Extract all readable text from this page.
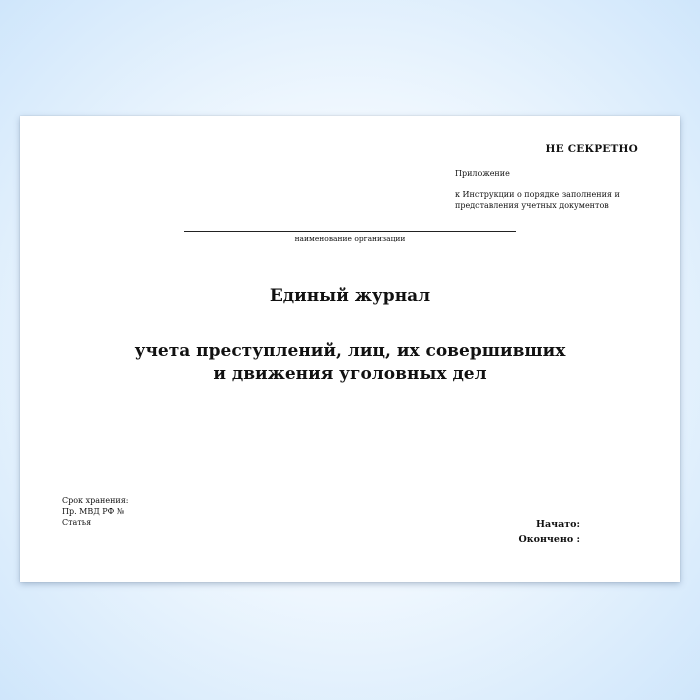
НЕ СЕКРЕТНО
Приложение
к Инструкции о порядке заполнения и
представления учетных документов
наименование организации
Единый журнал
учета преступлений, лиц, их совершивших
и движения уголовных дел
Срок хранения:
Пр. МВД РФ №
Статья	Начато:
Окончено :
